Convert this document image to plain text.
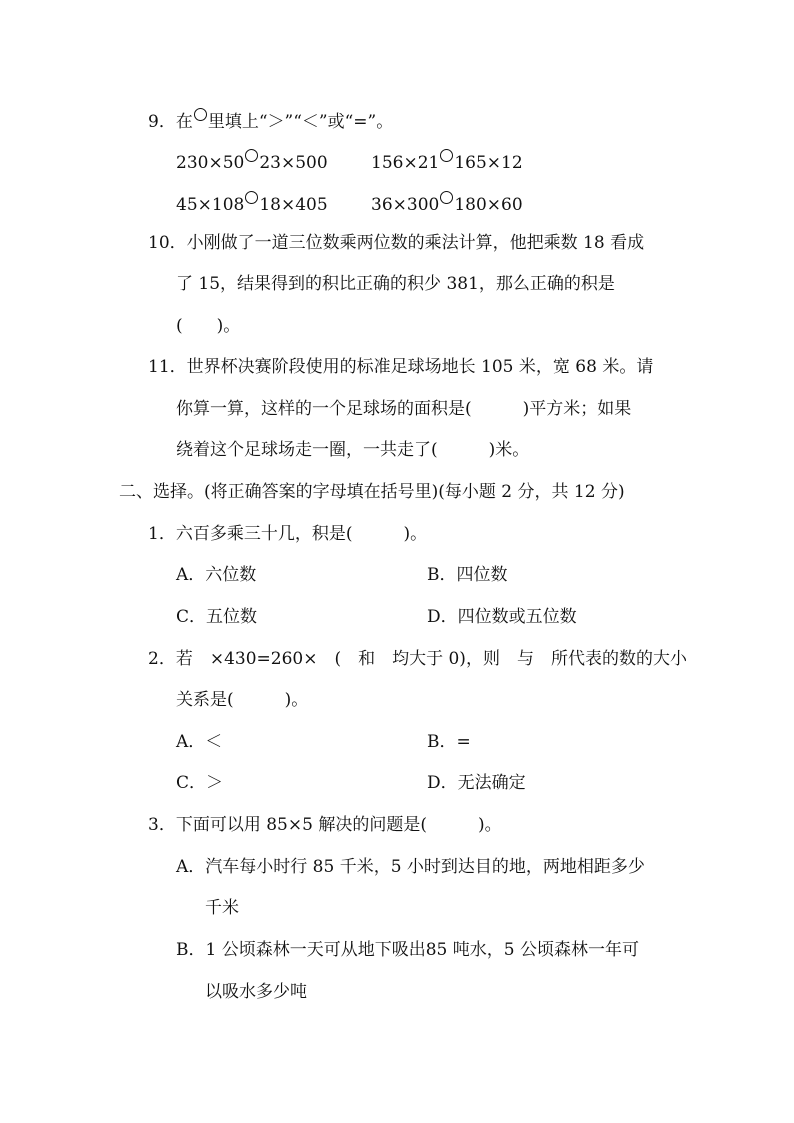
9．在 里填上“＞”“＜”或“=”。
230×50 23×500	156×21 165×12
45×108 18×405	36×300 180×60
10．小刚做了一道三位数乘两位数的乘法计算，他把乘数 18 看成
了 15，结果得到的积比正确的积少 381，那么正确的积是
(　　)。
11．世界杯决赛阶段使用的标准足球场地长 105 米，宽 68 米。请
你算一算，这样的一个足球场的面积是(　　　)平方米；如果
绕着这个足球场走一圈，一共走了(　　　)米。
二、选择。(将正确答案的字母填在括号里)(每小题 2 分，共 12 分)
1．六百多乘三十几，积是(　　　)。
A．六位数	B．四位数
C．五位数	D．四位数或五位数
2．若　×430=260×　(　和　均大于 0)，则　与　所代表的数的大小
关系是(　　　)。
A．＜	B．=
C．＞	D．无法确定
3．下面可以用 85×5 解决的问题是(　　　)。
A．汽车每小时行 85 千米，5 小时到达目的地，两地相距多少
千米
B．1 公顷森林一天可从地下吸出85 吨水，5 公顷森林一年可
以吸水多少吨
